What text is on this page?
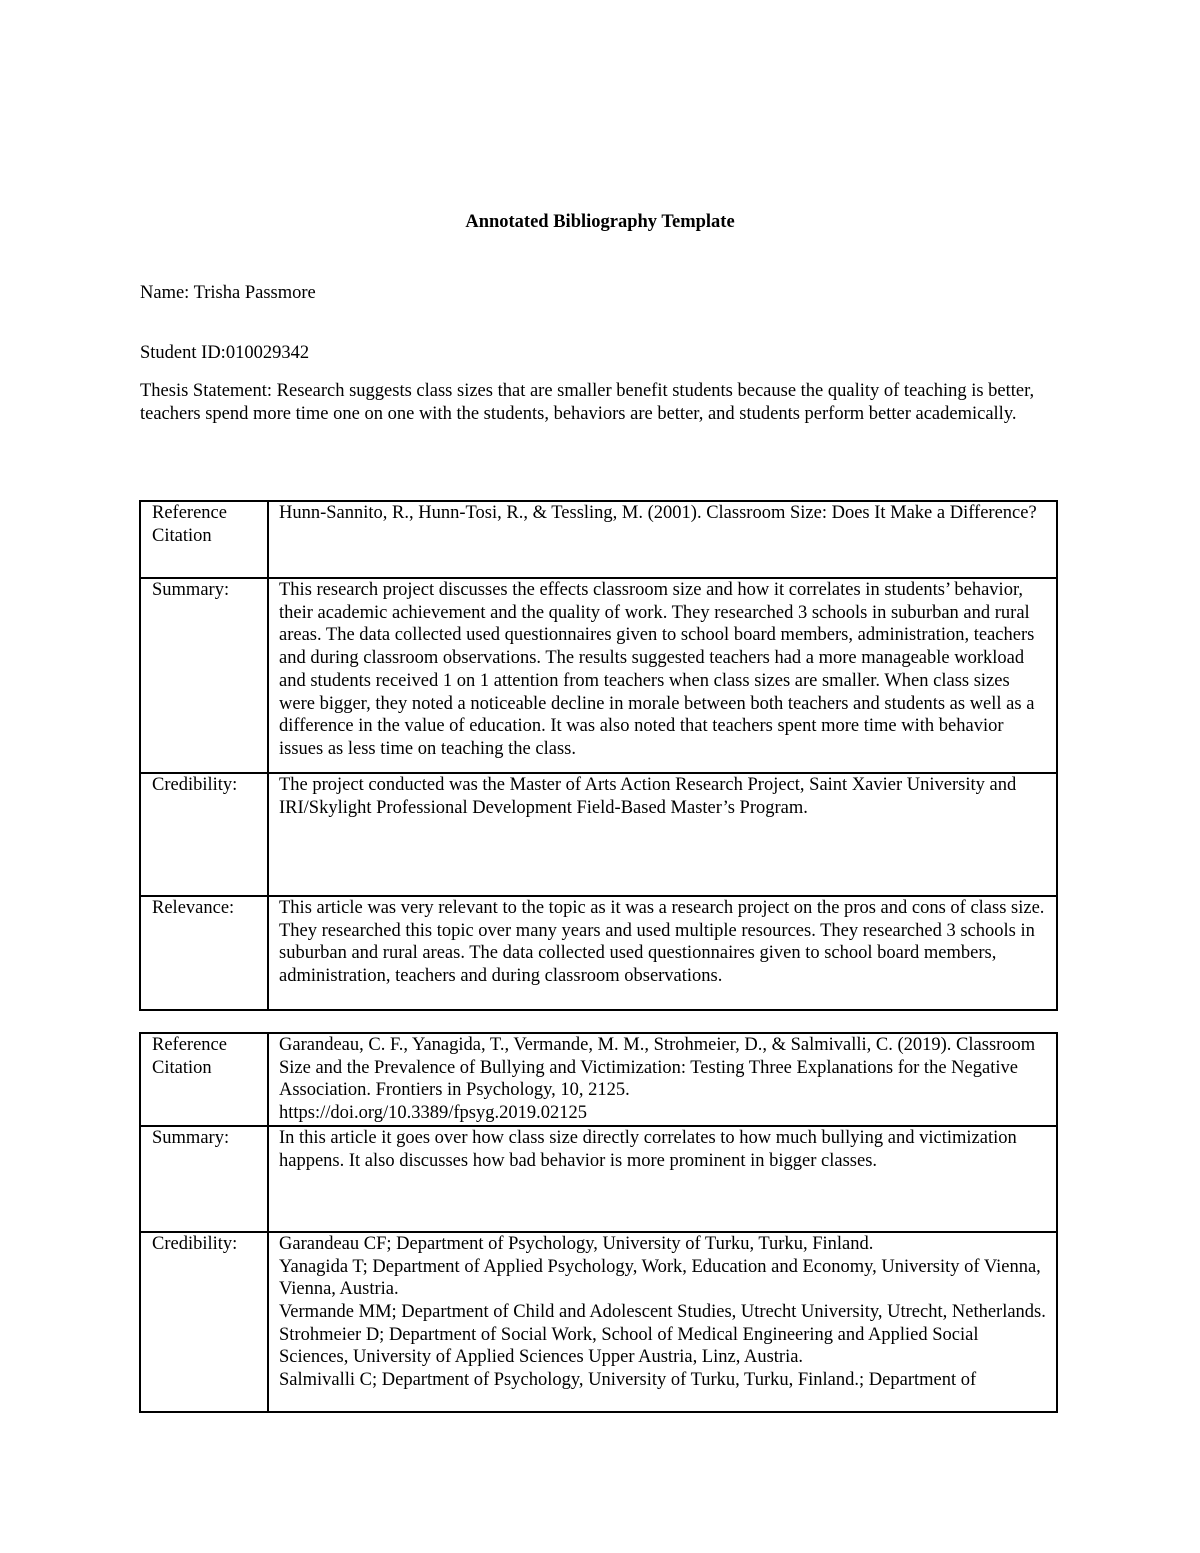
Annotated Bibliography Template
Name: Trisha Passmore
Student ID:010029342
Thesis Statement: Research suggests class sizes that are smaller benefit students because the quality of teaching is better, teachers spend more time one on one with the students, behaviors are better, and students perform better academically.
Reference Citation	Hunn-Sannito, R., Hunn-Tosi, R., & Tessling, M. (2001). Classroom Size: Does It Make a Difference?
Summary:	This research project discusses the effects classroom size and how it correlates in students’ behavior, their academic achievement and the quality of work. They researched 3 schools in suburban and rural areas. The data collected used questionnaires given to school board members, administration, teachers and during classroom observations. The results suggested teachers had a more manageable workload and students received 1 on 1 attention from teachers when class sizes are smaller. When class sizes were bigger, they noted a noticeable decline in morale between both teachers and students as well as a difference in the value of education. It was also noted that teachers spent more time with behavior issues as less time on teaching the class.
Credibility:	The project conducted was the Master of Arts Action Research Project, Saint Xavier University and IRI/Skylight Professional Development Field-Based Master’s Program.
Relevance:	This article was very relevant to the topic as it was a research project on the pros and cons of class size. They researched this topic over many years and used multiple resources. They researched 3 schools in suburban and rural areas. The data collected used questionnaires given to school board members, administration, teachers and during classroom observations.
Reference Citation	Garandeau, C. F., Yanagida, T., Vermande, M. M., Strohmeier, D., & Salmivalli, C. (2019). Classroom Size and the Prevalence of Bullying and Victimization: Testing Three Explanations for the Negative Association. Frontiers in Psychology, 10, 2125.
https://doi.org/10.3389/fpsyg.2019.02125

Summary:	In this article it goes over how class size directly correlates to how much bullying and victimization happens. It also discusses how bad behavior is more prominent in bigger classes.
Credibility:	Garandeau CF; Department of Psychology, University of Turku, Turku, Finland.
Yanagida T; Department of Applied Psychology, Work, Education and Economy, University of Vienna, Vienna, Austria.
Vermande MM; Department of Child and Adolescent Studies, Utrecht University, Utrecht, Netherlands.
Strohmeier D; Department of Social Work, School of Medical Engineering and Applied Social Sciences, University of Applied Sciences Upper Austria, Linz, Austria.
Salmivalli C; Department of Psychology, University of Turku, Turku, Finland.; Department of
